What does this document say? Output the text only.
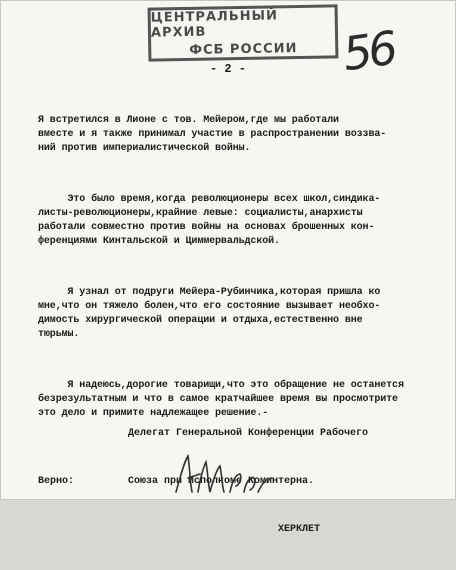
ЦЕНТРАЛЬНЫЙ АРХИВ
ФСБ РОССИИ 56
- 2 -

Я встретился в Лионе с тов. Мейером,где мы работали
вместе и я также принимал участие в распространении воззва-
ний против империалистической войны.

Это было время,когда революционеры всех школ,синдика-
листы-революционеры,крайние левые: социалисты,анархисты
работали совместно против войны на основах брошенных кон-
ференциями Кинтальской и Циммервальдской.

Я узнал от подруги Мейера-Рубинчика,которая пришла ко
мне,что он тяжело болен,что его состояние вызывает необхо-
димость хирургической операции и отдыха,естественно вне
тюрьмы.

Я надеюсь,дорогие товарищи,что это обращение не останется
безрезультатным и что в самое кратчайшее время вы просмотрите
это дело и примите надлежащее решение.-

Делегат Генеральной Конференции Рабочего

Союза при Исполкоме Коминтерна.

ХЕРКЛЕТ

Верно:
